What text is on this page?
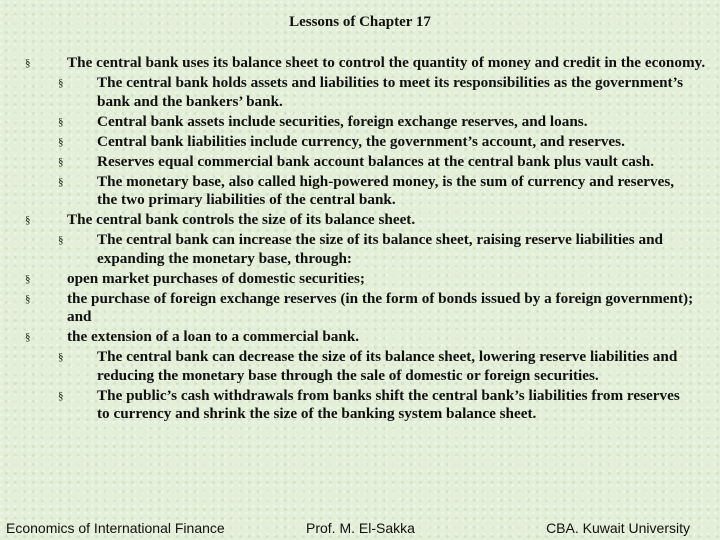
Lessons of Chapter 17
§ The central bank uses its balance sheet to control the quantity of money and credit in the economy.
§ The central bank holds assets and liabilities to meet its responsibilities as the government’s bank and the bankers’ bank.
§ Central bank assets include securities, foreign exchange reserves, and loans.
§ Central bank liabilities include currency, the government’s account, and reserves.
§ Reserves equal commercial bank account balances at the central bank plus vault cash.
§ The monetary base, also called high-powered money, is the sum of currency and reserves, the two primary liabilities of the central bank.
§ The central bank controls the size of its balance sheet.
§ The central bank can increase the size of its balance sheet, raising reserve liabilities and expanding the monetary base, through:
§ open market purchases of domestic securities;
§ the purchase of foreign exchange reserves (in the form of bonds issued by a foreign government); and
§ the extension of a loan to a commercial bank.
§ The central bank can decrease the size of its balance sheet, lowering reserve liabilities and reducing the monetary base through the sale of domestic or foreign securities.
§ The public’s cash withdrawals from banks shift the central bank’s liabilities from reserves to currency and shrink the size of the banking system balance sheet.
Economics of International Finance	Prof. M. El-Sakka	CBA. Kuwait University
